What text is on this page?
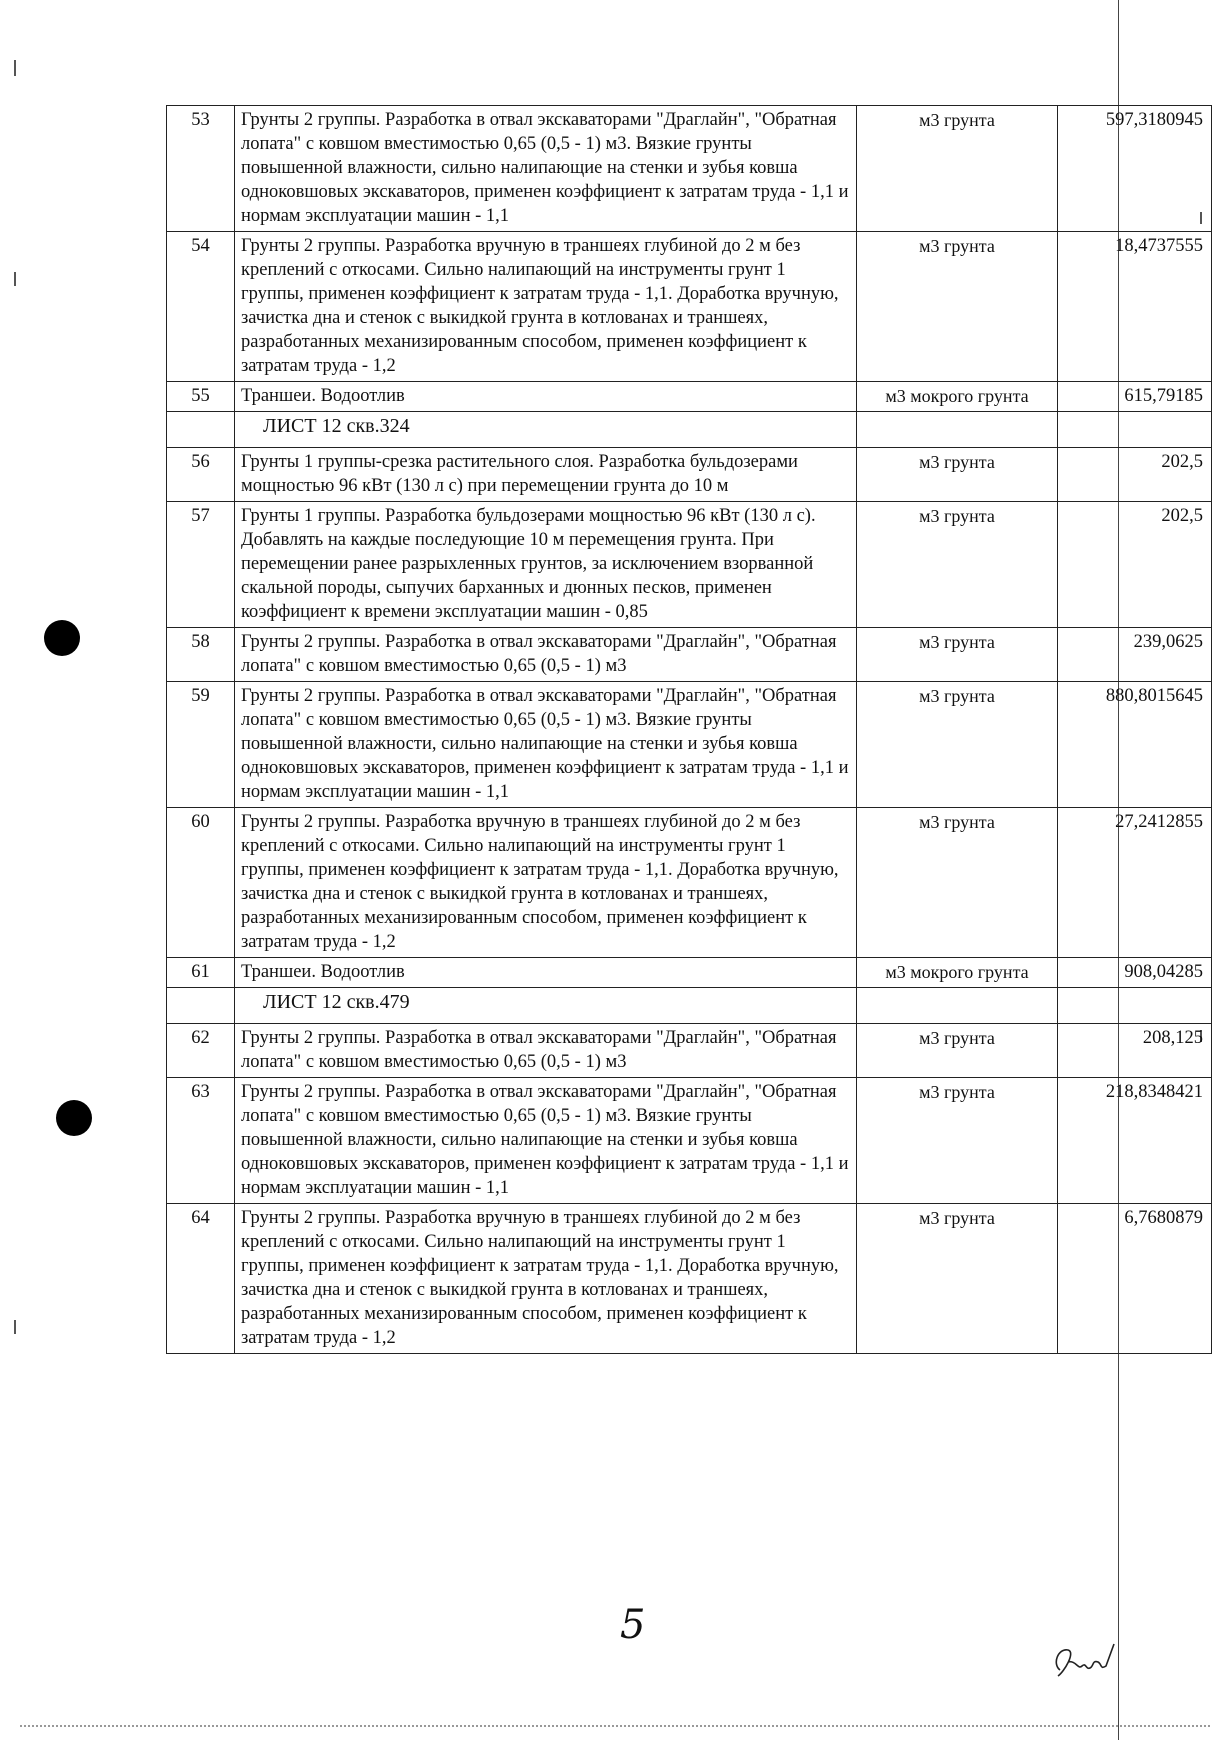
53	Грунты 2 группы. Разработка в отвал экскаваторами "Драглайн", "Обратная лопата" с ковшом вместимостью 0,65 (0,5 - 1) м3. Вязкие грунты повышенной влажности, сильно налипающие на стенки и зубья ковша одноковшовых экскаваторов, применен коэффициент к затратам труда - 1,1 и нормам эксплуатации машин - 1,1	м3 грунта	597,3180945
54	Грунты 2 группы. Разработка вручную в траншеях глубиной до 2 м без креплений с откосами. Сильно налипающий на инструменты грунт 1 группы, применен коэффициент к затратам труда - 1,1. Доработка вручную, зачистка дна и стенок с выкидкой грунта в котлованах и траншеях, разработанных механизированным способом, применен коэффициент к затратам труда - 1,2	м3 грунта	18,4737555
55	Траншеи. Водоотлив	м3 мокрого грунта	615,79185
	ЛИСТ 12 скв.324		
56	Грунты 1 группы-срезка растительного слоя. Разработка бульдозерами мощностью 96 кВт (130 л с) при перемещении грунта до 10 м	м3 грунта	202,5
57	Грунты 1 группы. Разработка бульдозерами мощностью 96 кВт (130 л с). Добавлять на каждые последующие 10 м перемещения грунта. При перемещении ранее разрыхленных грунтов, за исключением взорванной скальной породы, сыпучих барханных и дюнных песков, применен коэффициент к времени эксплуатации машин - 0,85	м3 грунта	202,5
58	Грунты 2 группы. Разработка в отвал экскаваторами "Драглайн", "Обратная лопата" с ковшом вместимостью 0,65 (0,5 - 1) м3	м3 грунта	239,0625
59	Грунты 2 группы. Разработка в отвал экскаваторами "Драглайн", "Обратная лопата" с ковшом вместимостью 0,65 (0,5 - 1) м3. Вязкие грунты повышенной влажности, сильно налипающие на стенки и зубья ковша одноковшовых экскаваторов, применен коэффициент к затратам труда - 1,1 и нормам эксплуатации машин - 1,1	м3 грунта	880,8015645
60	Грунты 2 группы. Разработка вручную в траншеях глубиной до 2 м без креплений с откосами. Сильно налипающий на инструменты грунт 1 группы, применен коэффициент к затратам труда - 1,1. Доработка вручную, зачистка дна и стенок с выкидкой грунта в котлованах и траншеях, разработанных механизированным способом, применен коэффициент к затратам труда - 1,2	м3 грунта	27,2412855
61	Траншеи. Водоотлив	м3 мокрого грунта	908,04285
	ЛИСТ 12 скв.479		
62	Грунты 2 группы. Разработка в отвал экскаваторами "Драглайн", "Обратная лопата" с ковшом вместимостью 0,65 (0,5 - 1) м3	м3 грунта	208,125
63	Грунты 2 группы. Разработка в отвал экскаваторами "Драглайн", "Обратная лопата" с ковшом вместимостью 0,65 (0,5 - 1) м3. Вязкие грунты повышенной влажности, сильно налипающие на стенки и зубья ковша одноковшовых экскаваторов, применен коэффициент к затратам труда - 1,1 и нормам эксплуатации машин - 1,1	м3 грунта	218,8348421
64	Грунты 2 группы. Разработка вручную в траншеях глубиной до 2 м без креплений с откосами. Сильно налипающий на инструменты грунт 1 группы, применен коэффициент к затратам труда - 1,1. Доработка вручную, зачистка дна и стенок с выкидкой грунта в котлованах и траншеях, разработанных механизированным способом, применен коэффициент к затратам труда - 1,2	м3 грунта	6,7680879
5
